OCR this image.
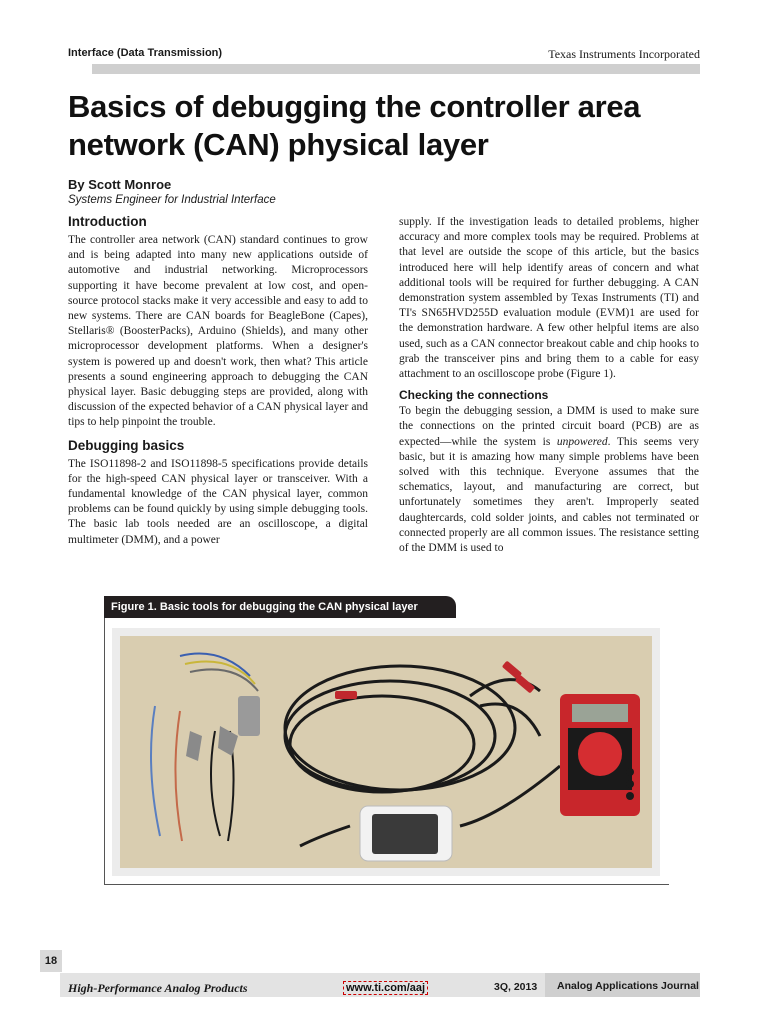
Interface (Data Transmission)	Texas Instruments Incorporated
Basics of debugging the controller area network (CAN) physical layer

By Scott Monroe

Systems Engineer for Industrial Interface

Introduction

The controller area network (CAN) standard continues to grow and is being adapted into many new applications outside of automotive and industrial networking. Microprocessors supporting it have become prevalent at low cost, and open-source protocol stacks make it very accessible and easy to add to new systems. There are CAN boards for BeagleBone (Capes), Stellaris® (BoosterPacks), Arduino (Shields), and many other microprocessor development platforms. When a designer's system is powered up and doesn't work, then what? This article presents a sound engineering approach to debugging the CAN physical layer. Basic debugging steps are provided, along with discussion of the expected behavior of a CAN physical layer and tips to help pinpoint the trouble.

Debugging basics

The ISO11898-2 and ISO11898-5 specifications provide details for the high-speed CAN physical layer or transceiver. With a fundamental knowledge of the CAN physical layer, common problems can be found quickly by using simple debugging tools. The basic lab tools needed are an oscilloscope, a digital multimeter (DMM), and a power

supply. If the investigation leads to detailed problems, higher accuracy and more complex tools may be required. Problems at that level are outside the scope of this article, but the basics introduced here will help identify areas of concern and what additional tools will be required for further debugging. A CAN demonstration system assembled by Texas Instruments (TI) and TI's SN65HVD255D evaluation module (EVM)1 are used for the demonstration hardware. A few other helpful items are also used, such as a CAN connector breakout cable and chip hooks to grab the transceiver pins and bring them to a cable for easy attachment to an oscilloscope probe (Figure 1).

Checking the connections

To begin the debugging session, a DMM is used to make sure the connections on the printed circuit board (PCB) are as expected—while the system is unpowered. This seems very basic, but it is amazing how many simple problems have been solved with this technique. Everyone assumes that the schematics, layout, and manufacturing are correct, but unfortunately sometimes they aren't. Improperly seated daughtercards, cold solder joints, and cables not terminated or connected properly are all common issues. The resistance setting of the DMM is used to

Figure 1. Basic tools for debugging the CAN physical layer
18
High-Performance Analog Products	www.ti.com/aaj	3Q, 2013 Analog Applications Journal
